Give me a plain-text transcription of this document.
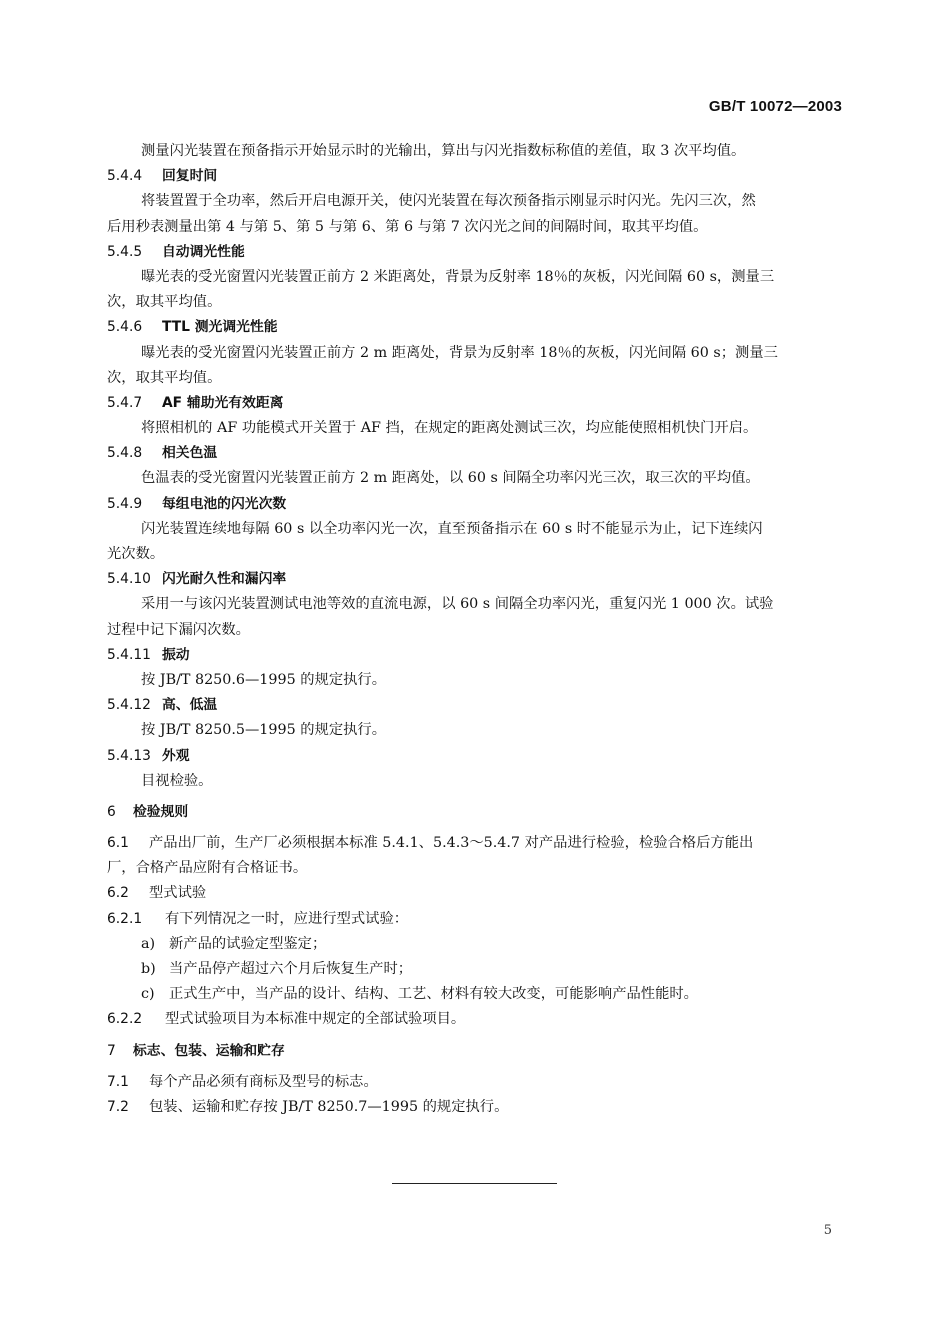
GB/T 10072—2003
测量闪光装置在预备指示开始显示时的光输出，算出与闪光指数标称值的差值，取 3 次平均值。
5.4.4 回复时间
将装置置于全功率，然后开启电源开关，使闪光装置在每次预备指示刚显示时闪光。先闪三次，然
后用秒表测量出第 4 与第 5、第 5 与第 6、第 6 与第 7 次闪光之间的间隔时间，取其平均值。
5.4.5 自动调光性能
曝光表的受光窗置闪光装置正前方 2 米距离处，背景为反射率 18％的灰板，闪光间隔 60 s，测量三
次，取其平均值。
5.4.6 TTL 测光调光性能
曝光表的受光窗置闪光装置正前方 2 m 距离处，背景为反射率 18％的灰板，闪光间隔 60 s；测量三
次，取其平均值。
5.4.7 AF 辅助光有效距离
将照相机的 AF 功能模式开关置于 AF 挡，在规定的距离处测试三次，均应能使照相机快门开启。
5.4.8 相关色温
色温表的受光窗置闪光装置正前方 2 m 距离处，以 60 s 间隔全功率闪光三次，取三次的平均值。
5.4.9 每组电池的闪光次数
闪光装置连续地每隔 60 s 以全功率闪光一次，直至预备指示在 60 s 时不能显示为止，记下连续闪
光次数。
5.4.10 闪光耐久性和漏闪率
采用一与该闪光装置测试电池等效的直流电源，以 60 s 间隔全功率闪光，重复闪光 1 000 次。试验
过程中记下漏闪次数。
5.4.11 振动
按 JB/T 8250.6—1995 的规定执行。
5.4.12 高、低温
按 JB/T 8250.5—1995 的规定执行。
5.4.13 外观
目视检验。
6 检验规则
6.1 产品出厂前，生产厂必须根据本标准 5.4.1、5.4.3～5.4.7 对产品进行检验，检验合格后方能出
厂，合格产品应附有合格证书。
6.2 型式试验
6.2.1 有下列情况之一时，应进行型式试验：
a) 新产品的试验定型鉴定；
b) 当产品停产超过六个月后恢复生产时；
c) 正式生产中，当产品的设计、结构、工艺、材料有较大改变，可能影响产品性能时。
6.2.2 型式试验项目为本标准中规定的全部试验项目。
7 标志、包装、运输和贮存
7.1 每个产品必须有商标及型号的标志。
7.2 包装、运输和贮存按 JB/T 8250.7—1995 的规定执行。
5
